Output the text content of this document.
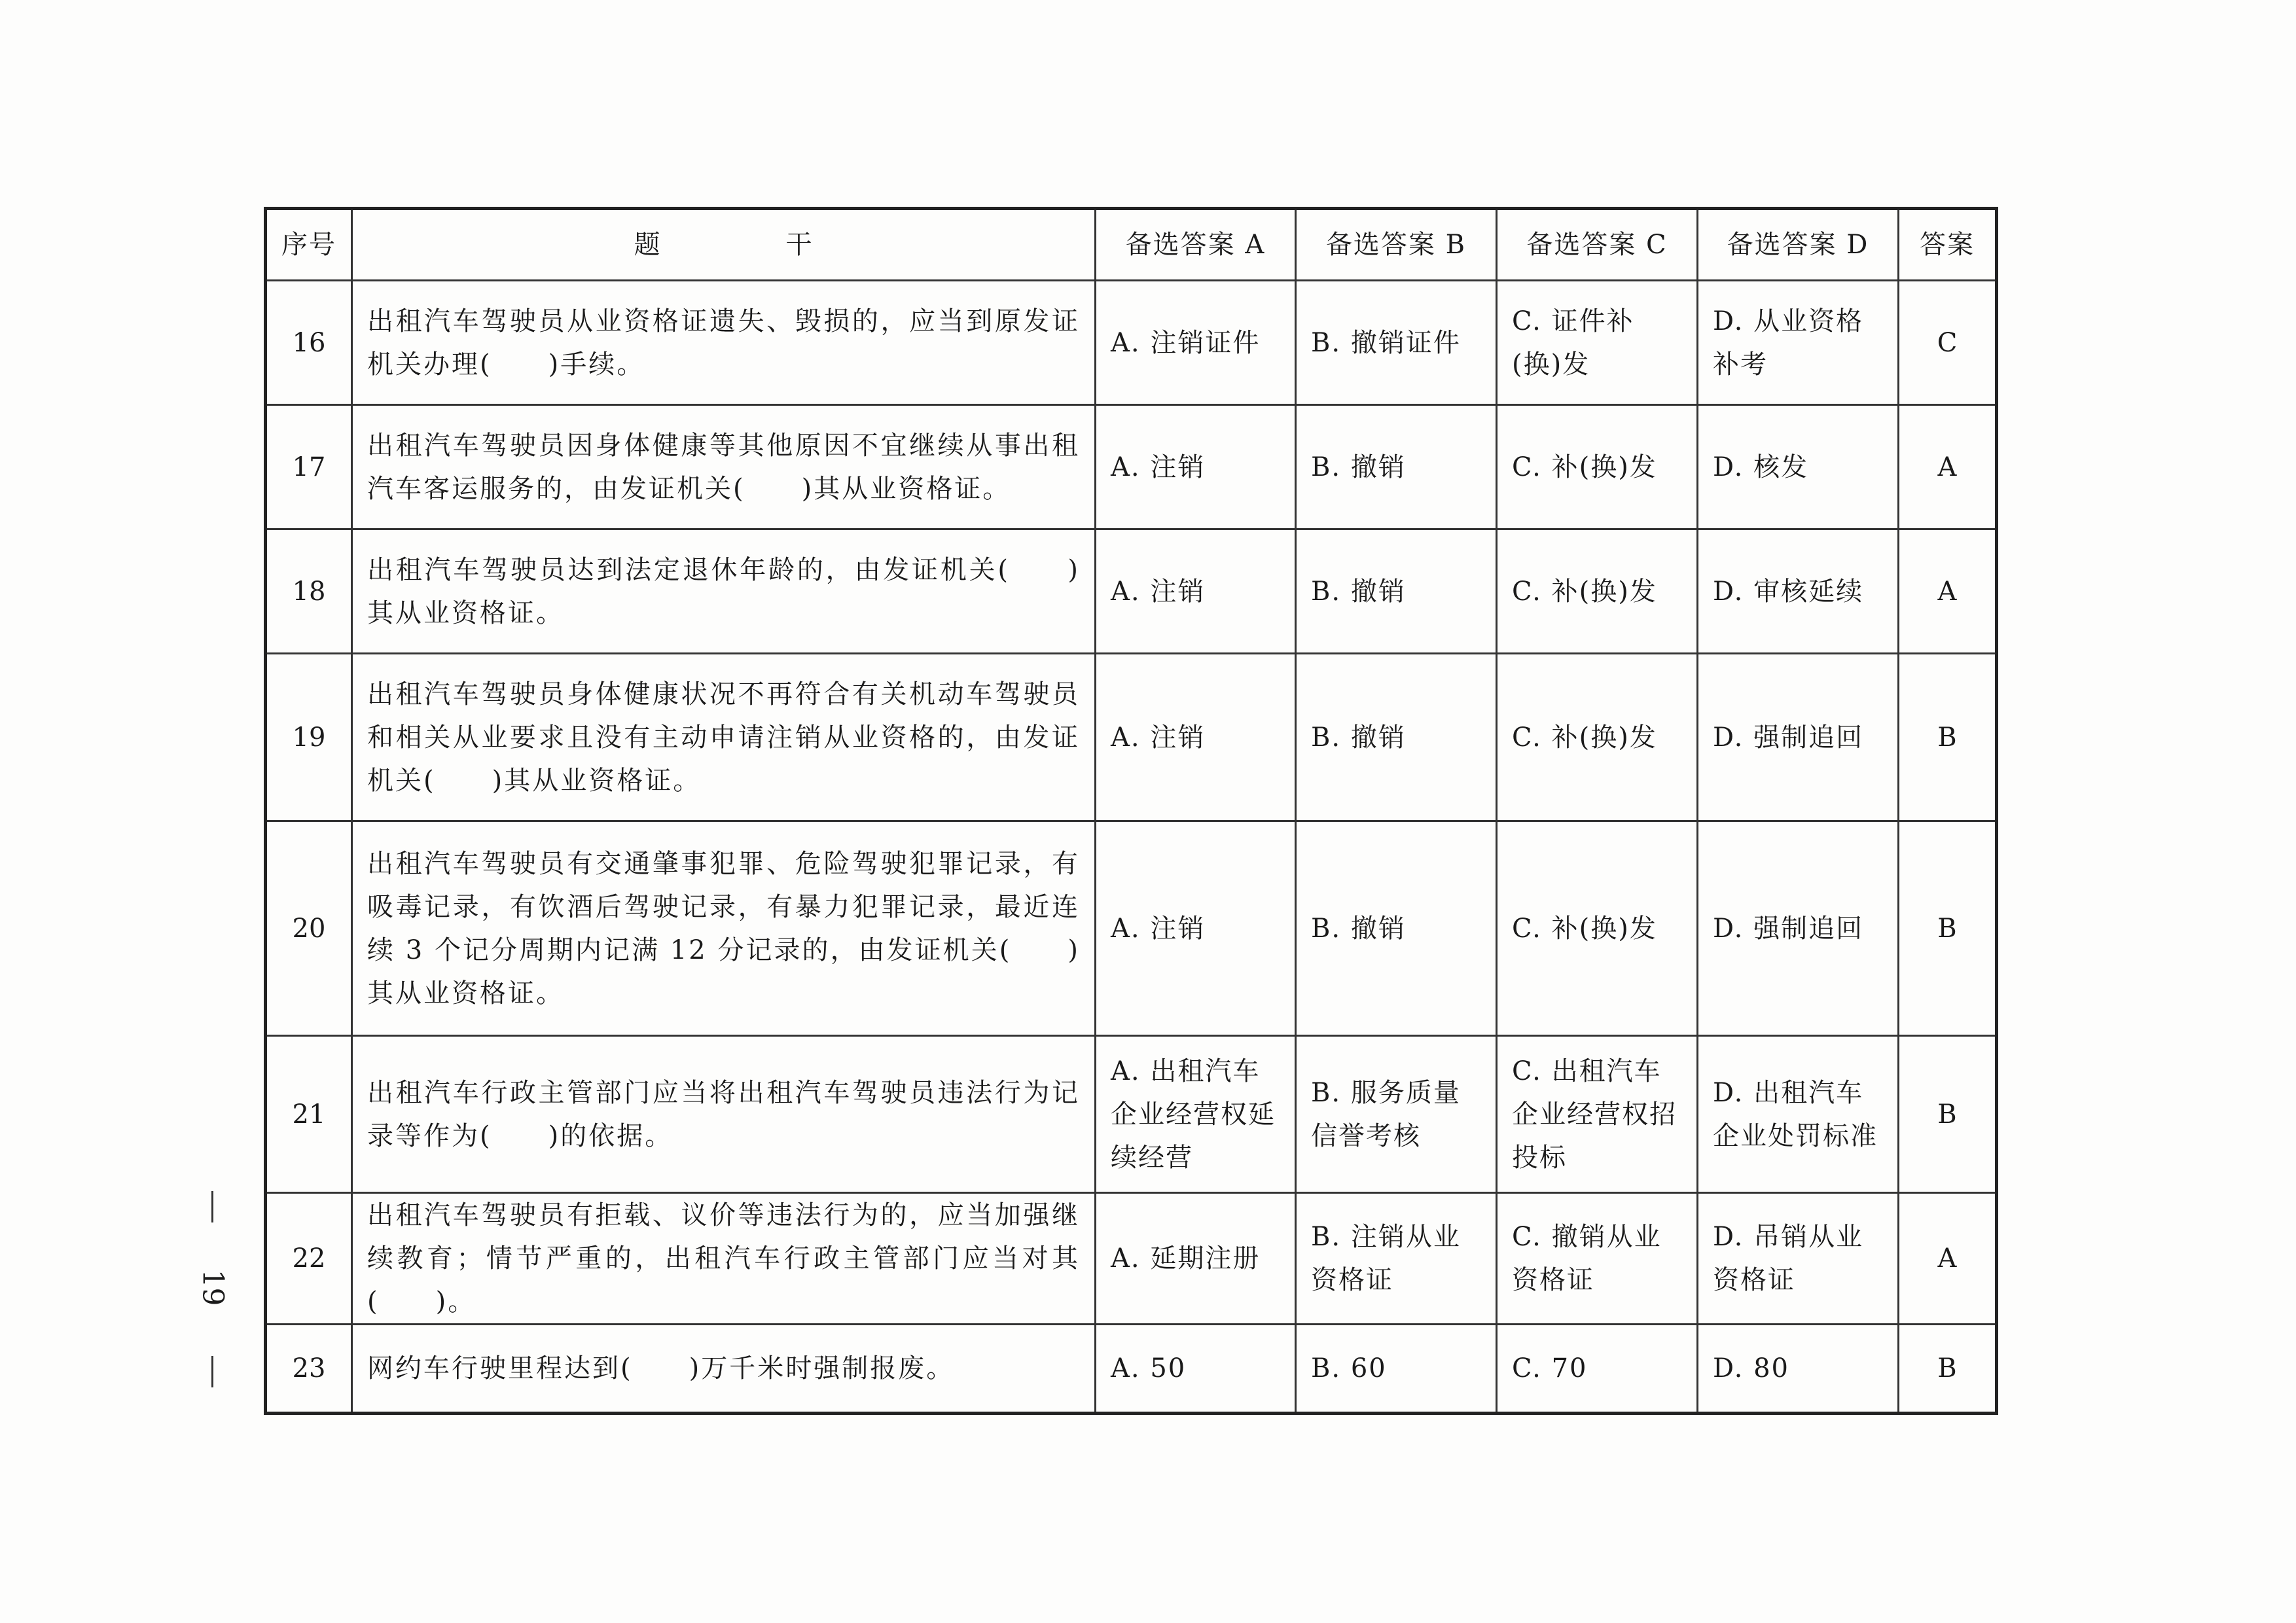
序号	题 干	备选答案 A	备选答案 B	备选答案 C	备选答案 D	答案
16	出租汽车驾驶员从业资格证遗失、毁损的，应当到原发证机关办理(　　)手续。	A. 注销证件	B. 撤销证件	C. 证件补(换)发	D. 从业资格补考	C
17	出租汽车驾驶员因身体健康等其他原因不宜继续从事出租汽车客运服务的，由发证机关(　　)其从业资格证。	A. 注销	B. 撤销	C. 补(换)发	D. 核发	A
18	出租汽车驾驶员达到法定退休年龄的，由发证机关(　　)其从业资格证。	A. 注销	B. 撤销	C. 补(换)发	D. 审核延续	A
19	出租汽车驾驶员身体健康状况不再符合有关机动车驾驶员和相关从业要求且没有主动申请注销从业资格的，由发证机关(　　)其从业资格证。	A. 注销	B. 撤销	C. 补(换)发	D. 强制追回	B
20	出租汽车驾驶员有交通肇事犯罪、危险驾驶犯罪记录，有吸毒记录，有饮酒后驾驶记录，有暴力犯罪记录，最近连续 3 个记分周期内记满 12 分记录的，由发证机关(　　)其从业资格证。	A. 注销	B. 撤销	C. 补(换)发	D. 强制追回	B
21	出租汽车行政主管部门应当将出租汽车驾驶员违法行为记录等作为(　　)的依据。	A. 出租汽车企业经营权延续经营	B. 服务质量信誉考核	C. 出租汽车企业经营权招投标	D. 出租汽车企业处罚标准	B
22	出租汽车驾驶员有拒载、议价等违法行为的，应当加强继续教育；情节严重的，出租汽车行政主管部门应当对其(　　)。	A. 延期注册	B. 注销从业资格证	C. 撤销从业资格证	D. 吊销从业资格证	A
23	网约车行驶里程达到(　　)万千米时强制报废。	A. 50	B. 60	C. 70	D. 80	B
19
